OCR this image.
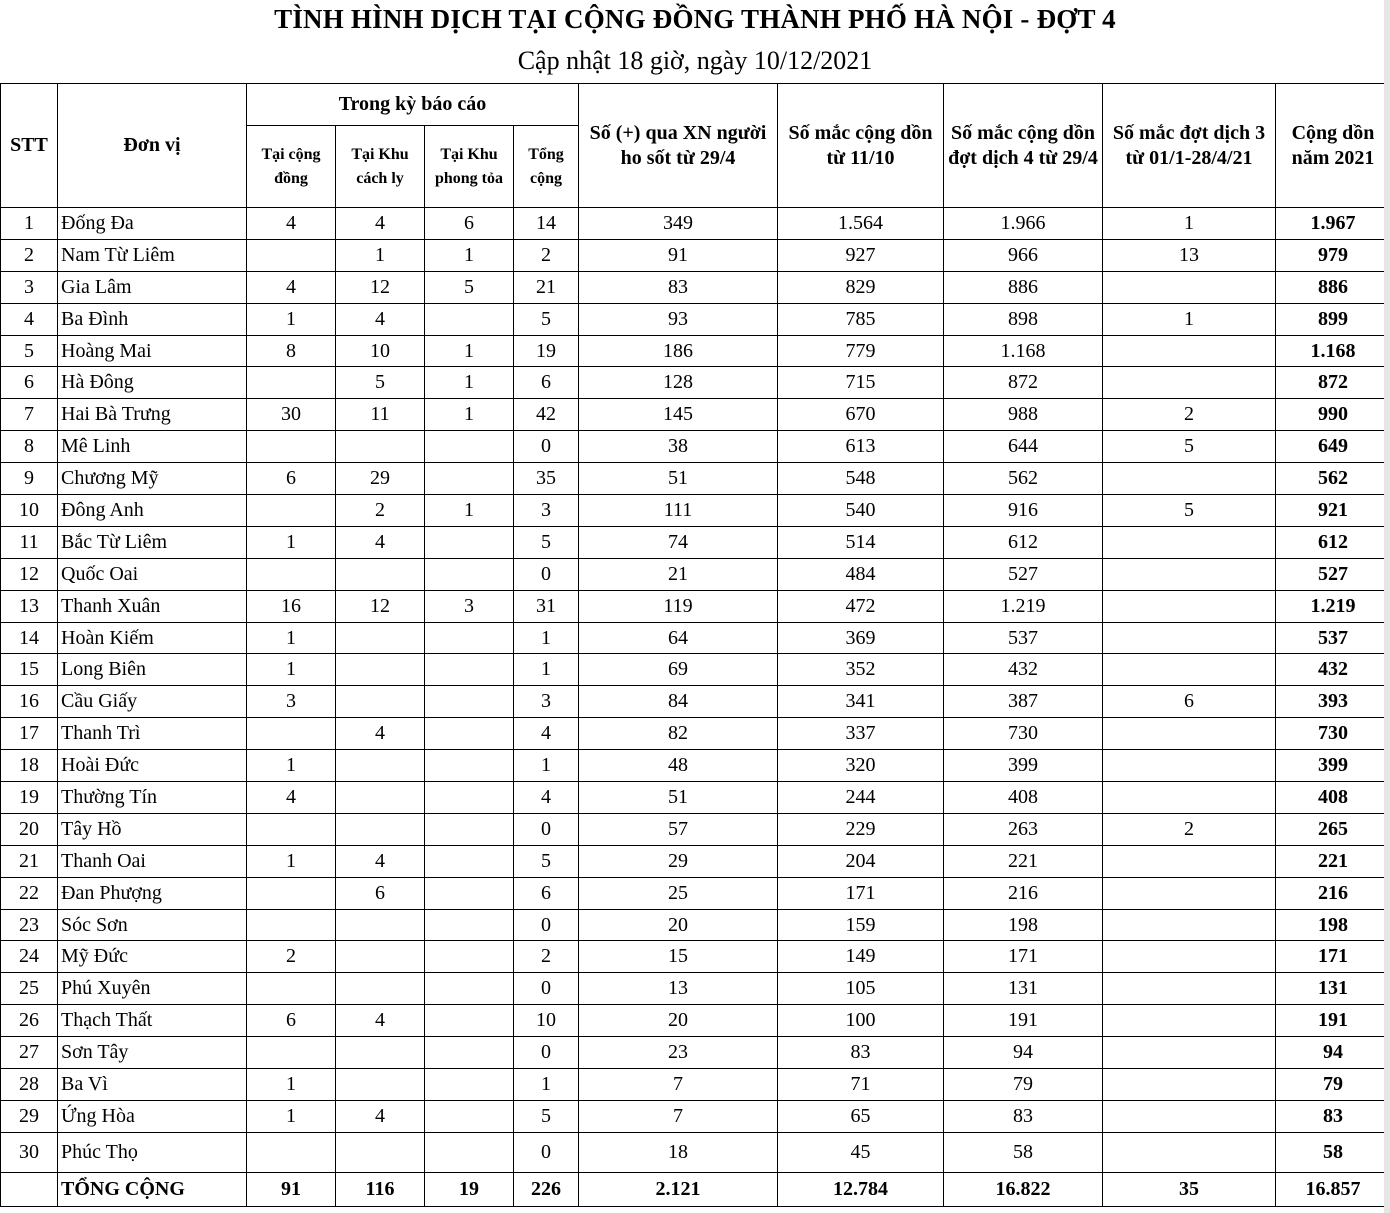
TÌNH HÌNH DỊCH TẠI CỘNG ĐỒNG THÀNH PHỐ HÀ NỘI - ĐỢT 4
Cập nhật 18 giờ, ngày 10/12/2021
STT	Đơn vị	Trong kỳ báo cáo				Số (+) qua XN người ho sốt từ 29/4	Số mắc cộng dồn từ 11/10	Số mắc cộng dồn đợt dịch 4 từ 29/4	Số mắc đợt dịch 3 từ 01/1-28/4/21	Cộng dồn năm 2021
		Tại cộng đồng	Tại Khu cách ly	Tại Khu phong tỏa	Tổng cộng					
1	Đống Đa	4	4	6	14	349	1.564	1.966	1	1.967
2	Nam Từ Liêm		1	1	2	91	927	966	13	979
3	Gia Lâm	4	12	5	21	83	829	886		886
4	Ba Đình	1	4		5	93	785	898	1	899
5	Hoàng Mai	8	10	1	19	186	779	1.168		1.168
6	Hà Đông		5	1	6	128	715	872		872
7	Hai Bà Trưng	30	11	1	42	145	670	988	2	990
8	Mê Linh				0	38	613	644	5	649
9	Chương Mỹ	6	29		35	51	548	562		562
10	Đông Anh		2	1	3	111	540	916	5	921
11	Bắc Từ Liêm	1	4		5	74	514	612		612
12	Quốc Oai				0	21	484	527		527
13	Thanh Xuân	16	12	3	31	119	472	1.219		1.219
14	Hoàn Kiếm	1			1	64	369	537		537
15	Long Biên	1			1	69	352	432		432
16	Cầu Giấy	3			3	84	341	387	6	393
17	Thanh Trì		4		4	82	337	730		730
18	Hoài Đức	1			1	48	320	399		399
19	Thường Tín	4			4	51	244	408		408
20	Tây Hồ				0	57	229	263	2	265
21	Thanh Oai	1	4		5	29	204	221		221
22	Đan Phượng		6		6	25	171	216		216
23	Sóc Sơn				0	20	159	198		198
24	Mỹ Đức	2			2	15	149	171		171
25	Phú Xuyên				0	13	105	131		131
26	Thạch Thất	6	4		10	20	100	191		191
27	Sơn Tây				0	23	83	94		94
28	Ba Vì	1			1	7	71	79		79
29	Ứng Hòa	1	4		5	7	65	83		83
30	Phúc Thọ				0	18	45	58		58
	TỔNG CỘNG	91	116	19	226	2.121	12.784	16.822	35	16.857
